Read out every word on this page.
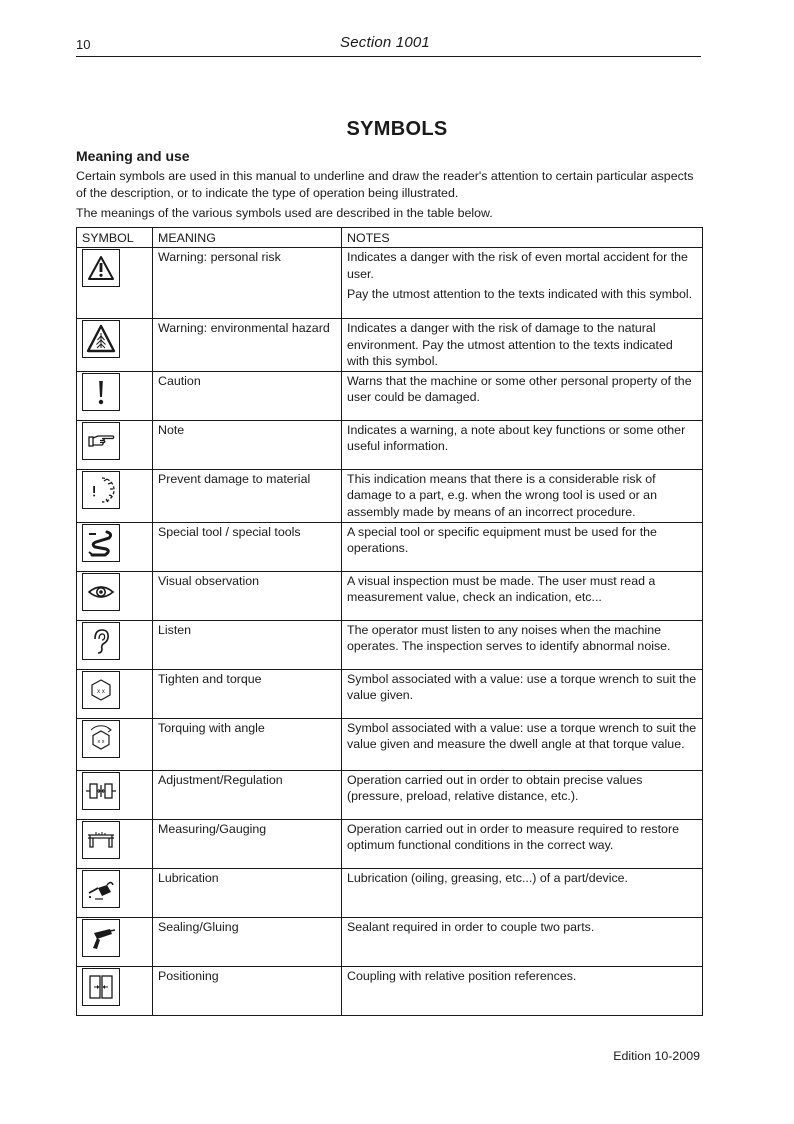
10	Section 1001
SYMBOLS
Meaning and use

Certain symbols are used in this manual to underline and draw the reader's attention to certain particular aspects of the description, or to indicate the type of operation being illustrated.

The meanings of the various symbols used are described in the table below.

SYMBOL	MEANING	NOTES

	Warning: personal risk	Indicates a danger with the risk of even mortal accident for the user.

Pay the utmost attention to the texts indicated with this symbol.

	Warning: environmental hazard	Indicates a danger with the risk of damage to the natural environment. Pay the utmost attention to the texts indicated with this symbol.

	Caution	Warns that the machine or some other personal property of the user could be damaged.

	Note	Indicates a warning, a note about key functions or some other useful information.

	Prevent damage to material	This indication means that there is a considerable risk of damage to a part, e.g. when the wrong tool is used or an assembly made by means of an incorrect procedure.

	Special tool / special tools	A special tool or specific equipment must be used for the operations.

	Visual observation	A visual inspection must be made. The user must read a measurement value, check an indication, etc...

	Listen	The operator must listen to any noises when the machine operates. The inspection serves to identify abnormal noise.

x x	Tighten and torque	Symbol associated with a value: use a torque wrench to suit the value given.

x x	Torquing with angle	Symbol associated with a value: use a torque wrench to suit the value given and measure the dwell angle at that torque value.

	Adjustment/Regulation	Operation carried out in order to obtain precise values (pressure, preload, relative distance, etc.).

	Measuring/Gauging	Operation carried out in order to measure required to restore optimum functional conditions in the correct way.

	Lubrication	Lubrication (oiling, greasing, etc...) of a part/device.

	Sealing/Gluing	Sealant required in order to couple two parts.

	Positioning	Coupling with relative position references.

Edition 10-2009
